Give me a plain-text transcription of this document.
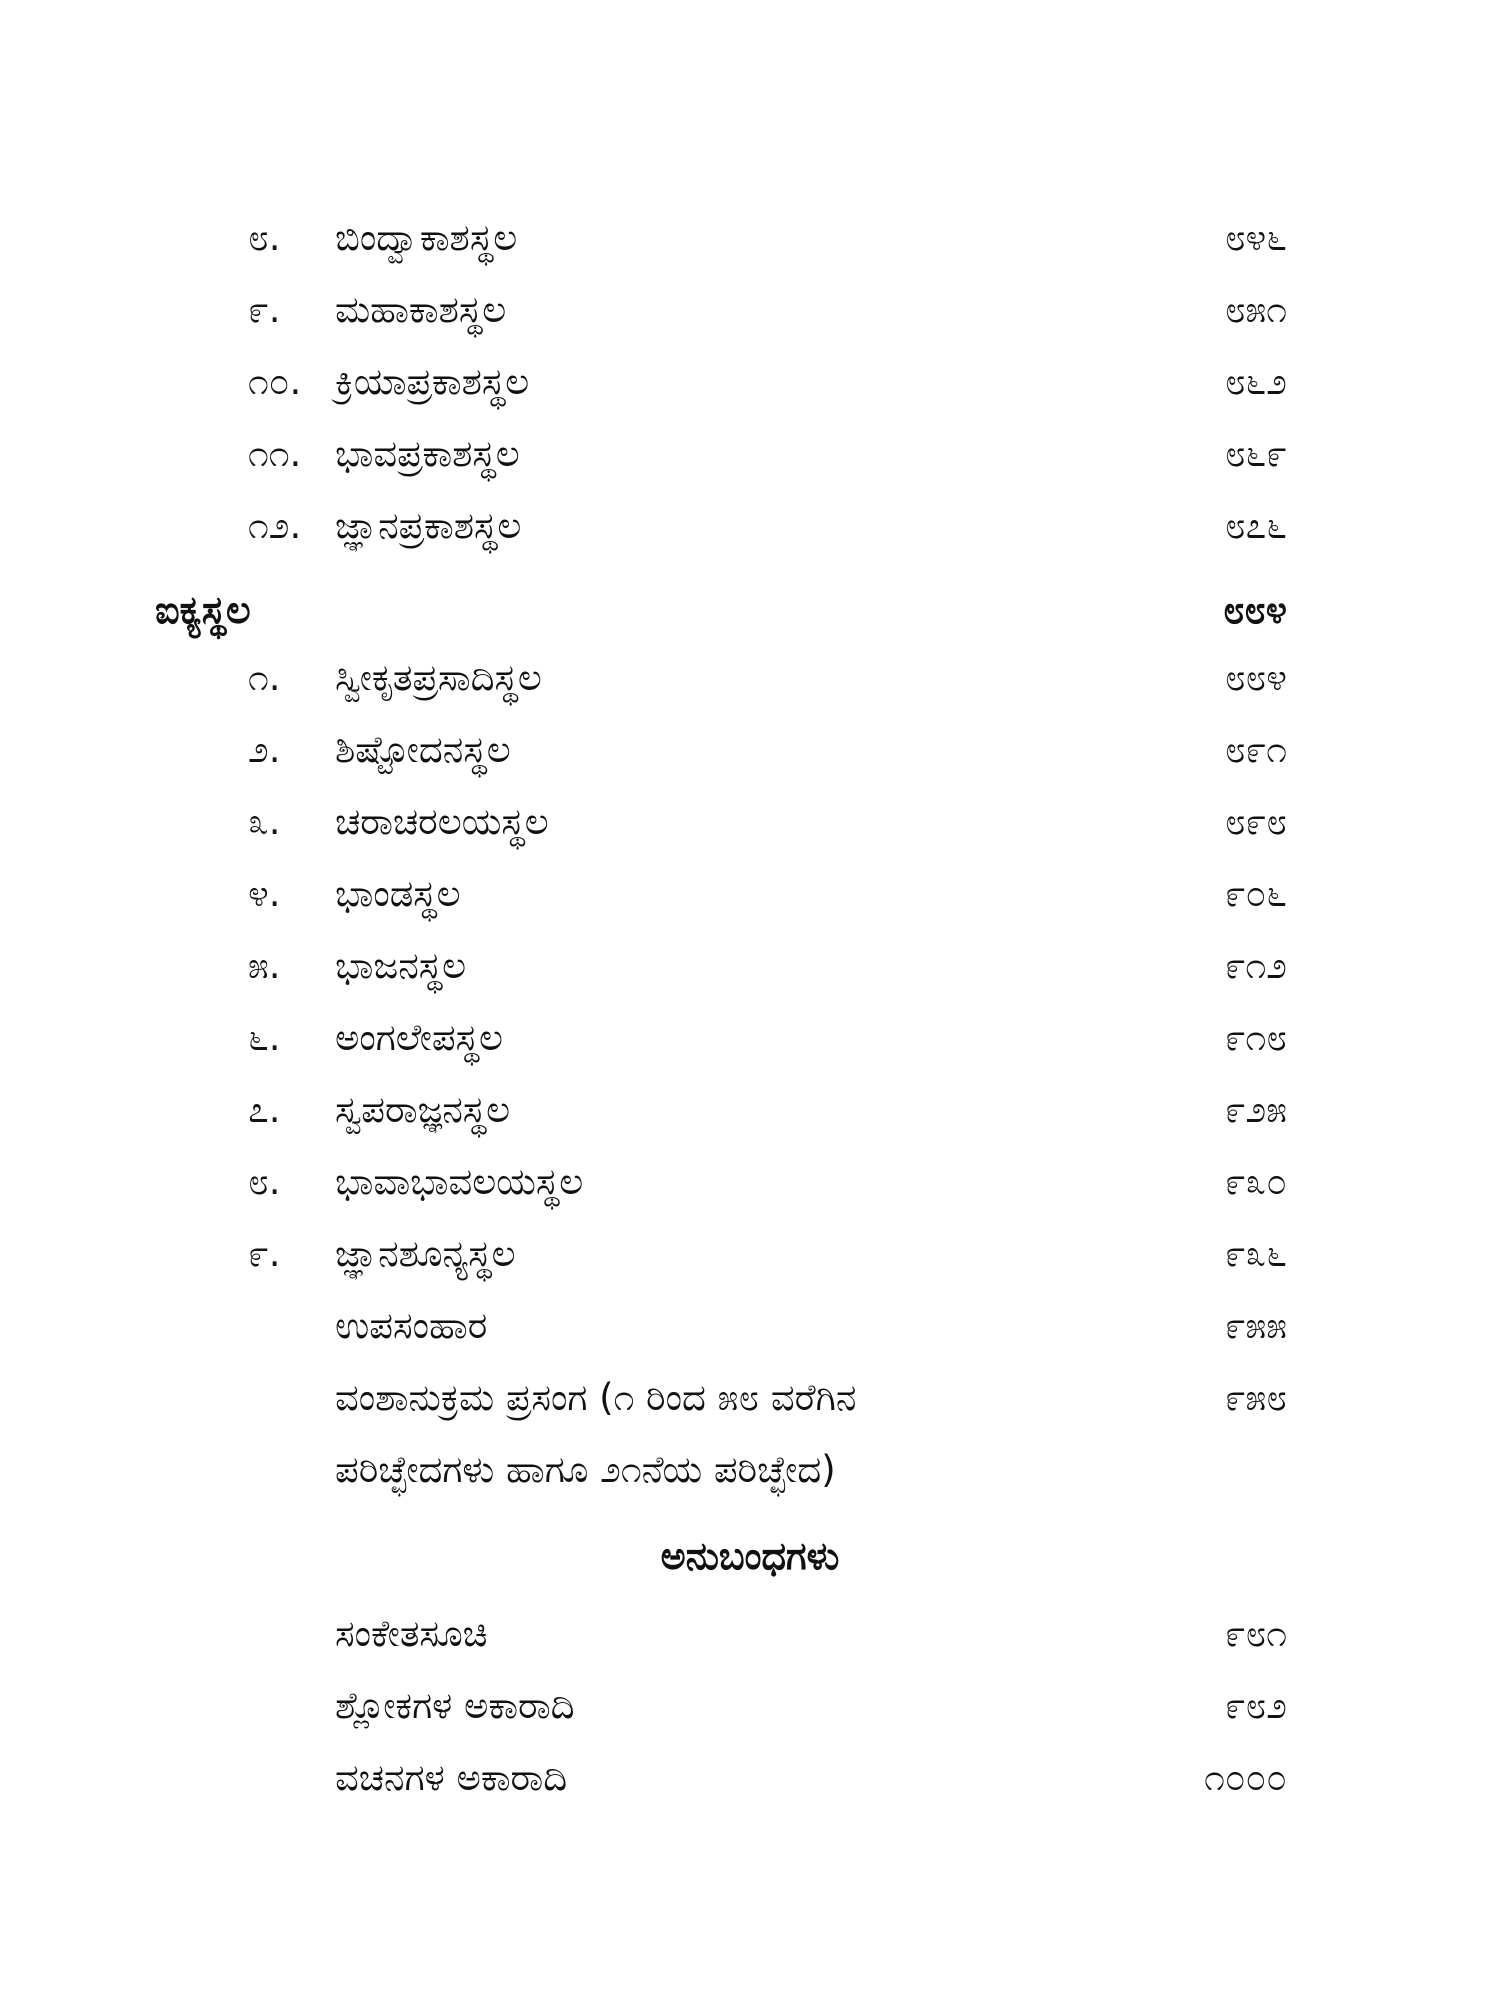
೮. ಬಿಂದ್ವಾಕಾಶಸ್ಥಲ	೮೪೬
೯. ಮಹಾಕಾಶಸ್ಥಲ	೮೫೧
೧೦. ಕ್ರಿಯಾಪ್ರಕಾಶಸ್ಥಲ	೮೬೨
೧೧. ಭಾವಪ್ರಕಾಶಸ್ಥಲ	೮೬೯
೧೨. ಜ್ಞಾನಪ್ರಕಾಶಸ್ಥಲ	೮೭೬
ಐಕ್ಯಸ್ಥಲ	೮೮೪
೧. ಸ್ವೀಕೃತಪ್ರಸಾದಿಸ್ಥಲ	೮೮೪
೨. ಶಿಷ್ಟೋದನಸ್ಥಲ	೮೯೧
೩. ಚರಾಚರಲಯಸ್ಥಲ	೮೯೮
೪. ಭಾಂಡಸ್ಥಲ	೯೦೬
೫. ಭಾಜನಸ್ಥಲ	೯೧೨
೬. ಅಂಗಲೇಪಸ್ಥಲ	೯೧೮
೭. ಸ್ವಪರಾಜ್ಞನಸ್ಥಲ	೯೨೫
೮. ಭಾವಾಭಾವಲಯಸ್ಥಲ	೯೩೦
೯. ಜ್ಞಾನಶೂನ್ಯಸ್ಥಲ	೯೩೬
ಉಪಸಂಹಾರ	೯೫೫
ವಂಶಾನುಕ್ರಮ ಪ್ರಸಂಗ (೧ ರಿಂದ ೫೮ ವರೆಗಿನ	೯೫೮
ಪರಿಚ್ಛೇದಗಳು ಹಾಗೂ ೨೧ನೆಯ ಪರಿಚ್ಛೇದ)
ಅನುಬಂಧಗಳು
ಸಂಕೇತಸೂಚಿ	೯೮೧
ಶ್ಲೋಕಗಳ ಅಕಾರಾದಿ	೯೮೨
ವಚನಗಳ ಅಕಾರಾದಿ	೧೦೦೦
